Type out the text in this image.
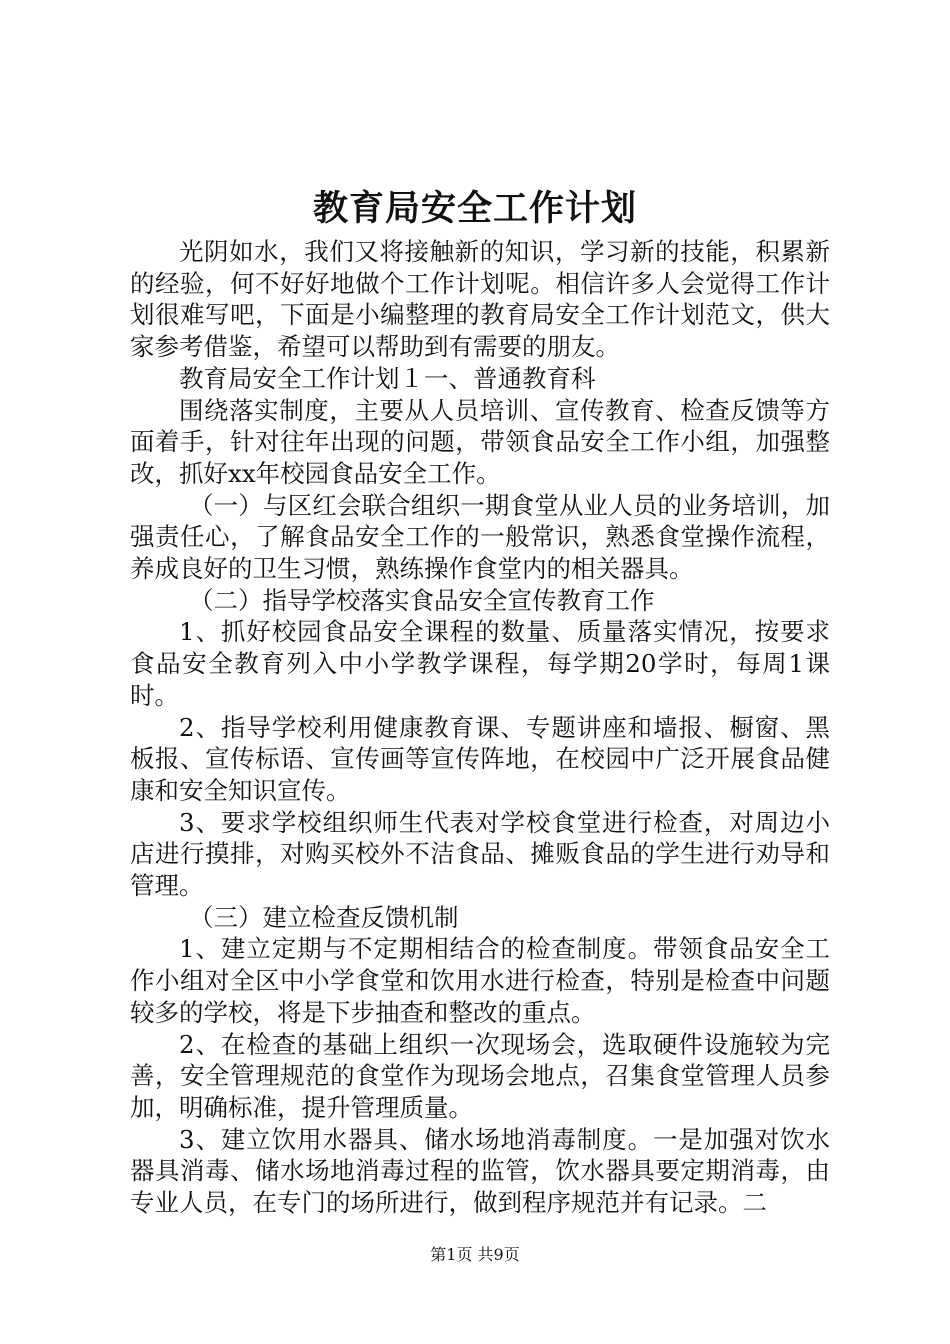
教育局安全工作计划

光阴如水，我们又将接触新的知识，学习新的技能，积累新的经验，何不好好地做个工作计划呢。相信许多人会觉得工作计划很难写吧，下面是小编整理的教育局安全工作计划范文，供大家参考借鉴，希望可以帮助到有需要的朋友。

教育局安全工作计划１一、普通教育科

围绕落实制度，主要从人员培训、宣传教育、检查反馈等方面着手，针对往年出现的问题，带领食品安全工作小组，加强整改，抓好xx年校园食品安全工作。

（一）与区红会联合组织一期食堂从业人员的业务培训，加强责任心，了解食品安全工作的一般常识，熟悉食堂操作流程，养成良好的卫生习惯，熟练操作食堂内的相关器具。

（二）指导学校落实食品安全宣传教育工作

1、抓好校园食品安全课程的数量、质量落实情况，按要求食品安全教育列入中小学教学课程，每学期20学时，每周1课时。

2、指导学校利用健康教育课、专题讲座和墙报、橱窗、黑板报、宣传标语、宣传画等宣传阵地，在校园中广泛开展食品健康和安全知识宣传。

3、要求学校组织师生代表对学校食堂进行检查，对周边小店进行摸排，对购买校外不洁食品、摊贩食品的学生进行劝导和管理。

（三）建立检查反馈机制

1、建立定期与不定期相结合的检查制度。带领食品安全工作小组对全区中小学食堂和饮用水进行检查，特别是检查中问题较多的学校，将是下步抽查和整改的重点。

2、在检查的基础上组织一次现场会，选取硬件设施较为完善，安全管理规范的食堂作为现场会地点，召集食堂管理人员参加，明确标准，提升管理质量。

3、建立饮用水器具、储水场地消毒制度。一是加强对饮水器具消毒、储水场地消毒过程的监管，饮水器具要定期消毒，由专业人员，在专门的场所进行，做到程序规范并有记录。二

第1页 共9页
